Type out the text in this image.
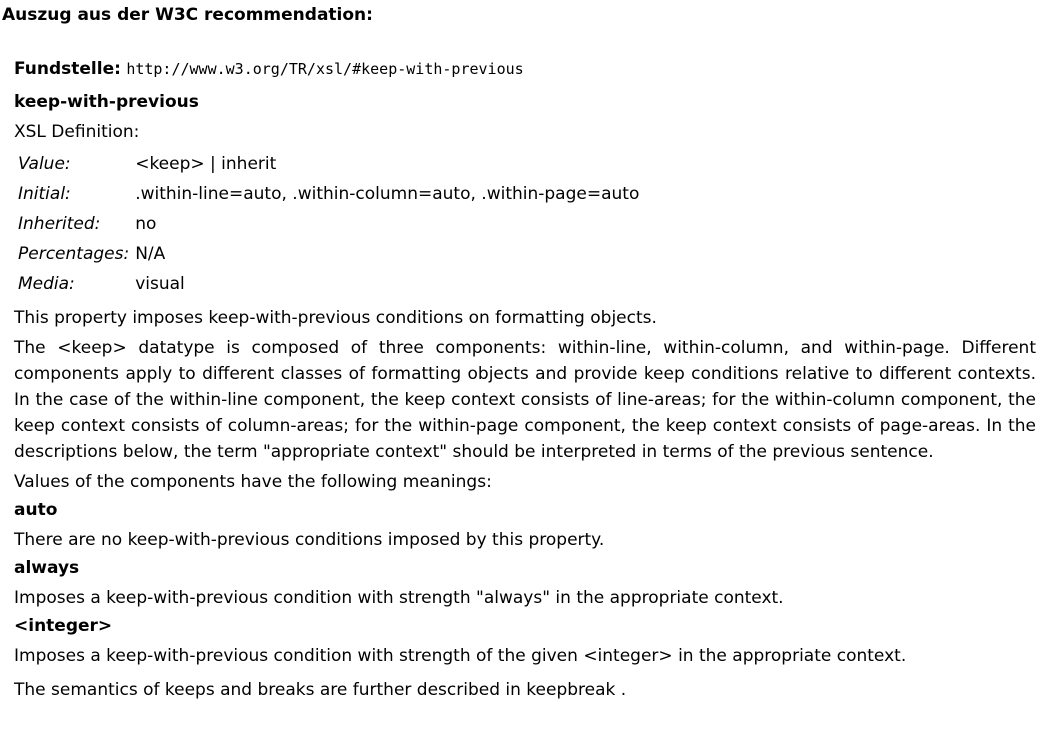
Auszug aus der W3C recommendation:
Fundstelle: http://www.w3.org/TR/xsl/#keep-with-previous
keep-with-previous
XSL Definition:
Value:	<keep> | inherit
Initial:	.within-line=auto, .within-column=auto, .within-page=auto
Inherited:	no
Percentages:	N/A
Media:	visual
This property imposes keep-with-previous conditions on formatting objects.
The <keep> datatype is composed of three components: within-line, within-column, and within-page. Different components apply to different classes of formatting objects and provide keep conditions relative to different contexts. In the case of the within-line component, the keep context consists of line-areas; for the within-column component, the keep context consists of column-areas; for the within-page component, the keep context consists of page-areas. In the descriptions below, the term "appropriate context" should be interpreted in terms of the previous sentence.
Values of the components have the following meanings:
auto
There are no keep-with-previous conditions imposed by this property.
always
Imposes a keep-with-previous condition with strength "always" in the appropriate context.
<integer>
Imposes a keep-with-previous condition with strength of the given <integer> in the appropriate context.
The semantics of keeps and breaks are further described in keepbreak .
